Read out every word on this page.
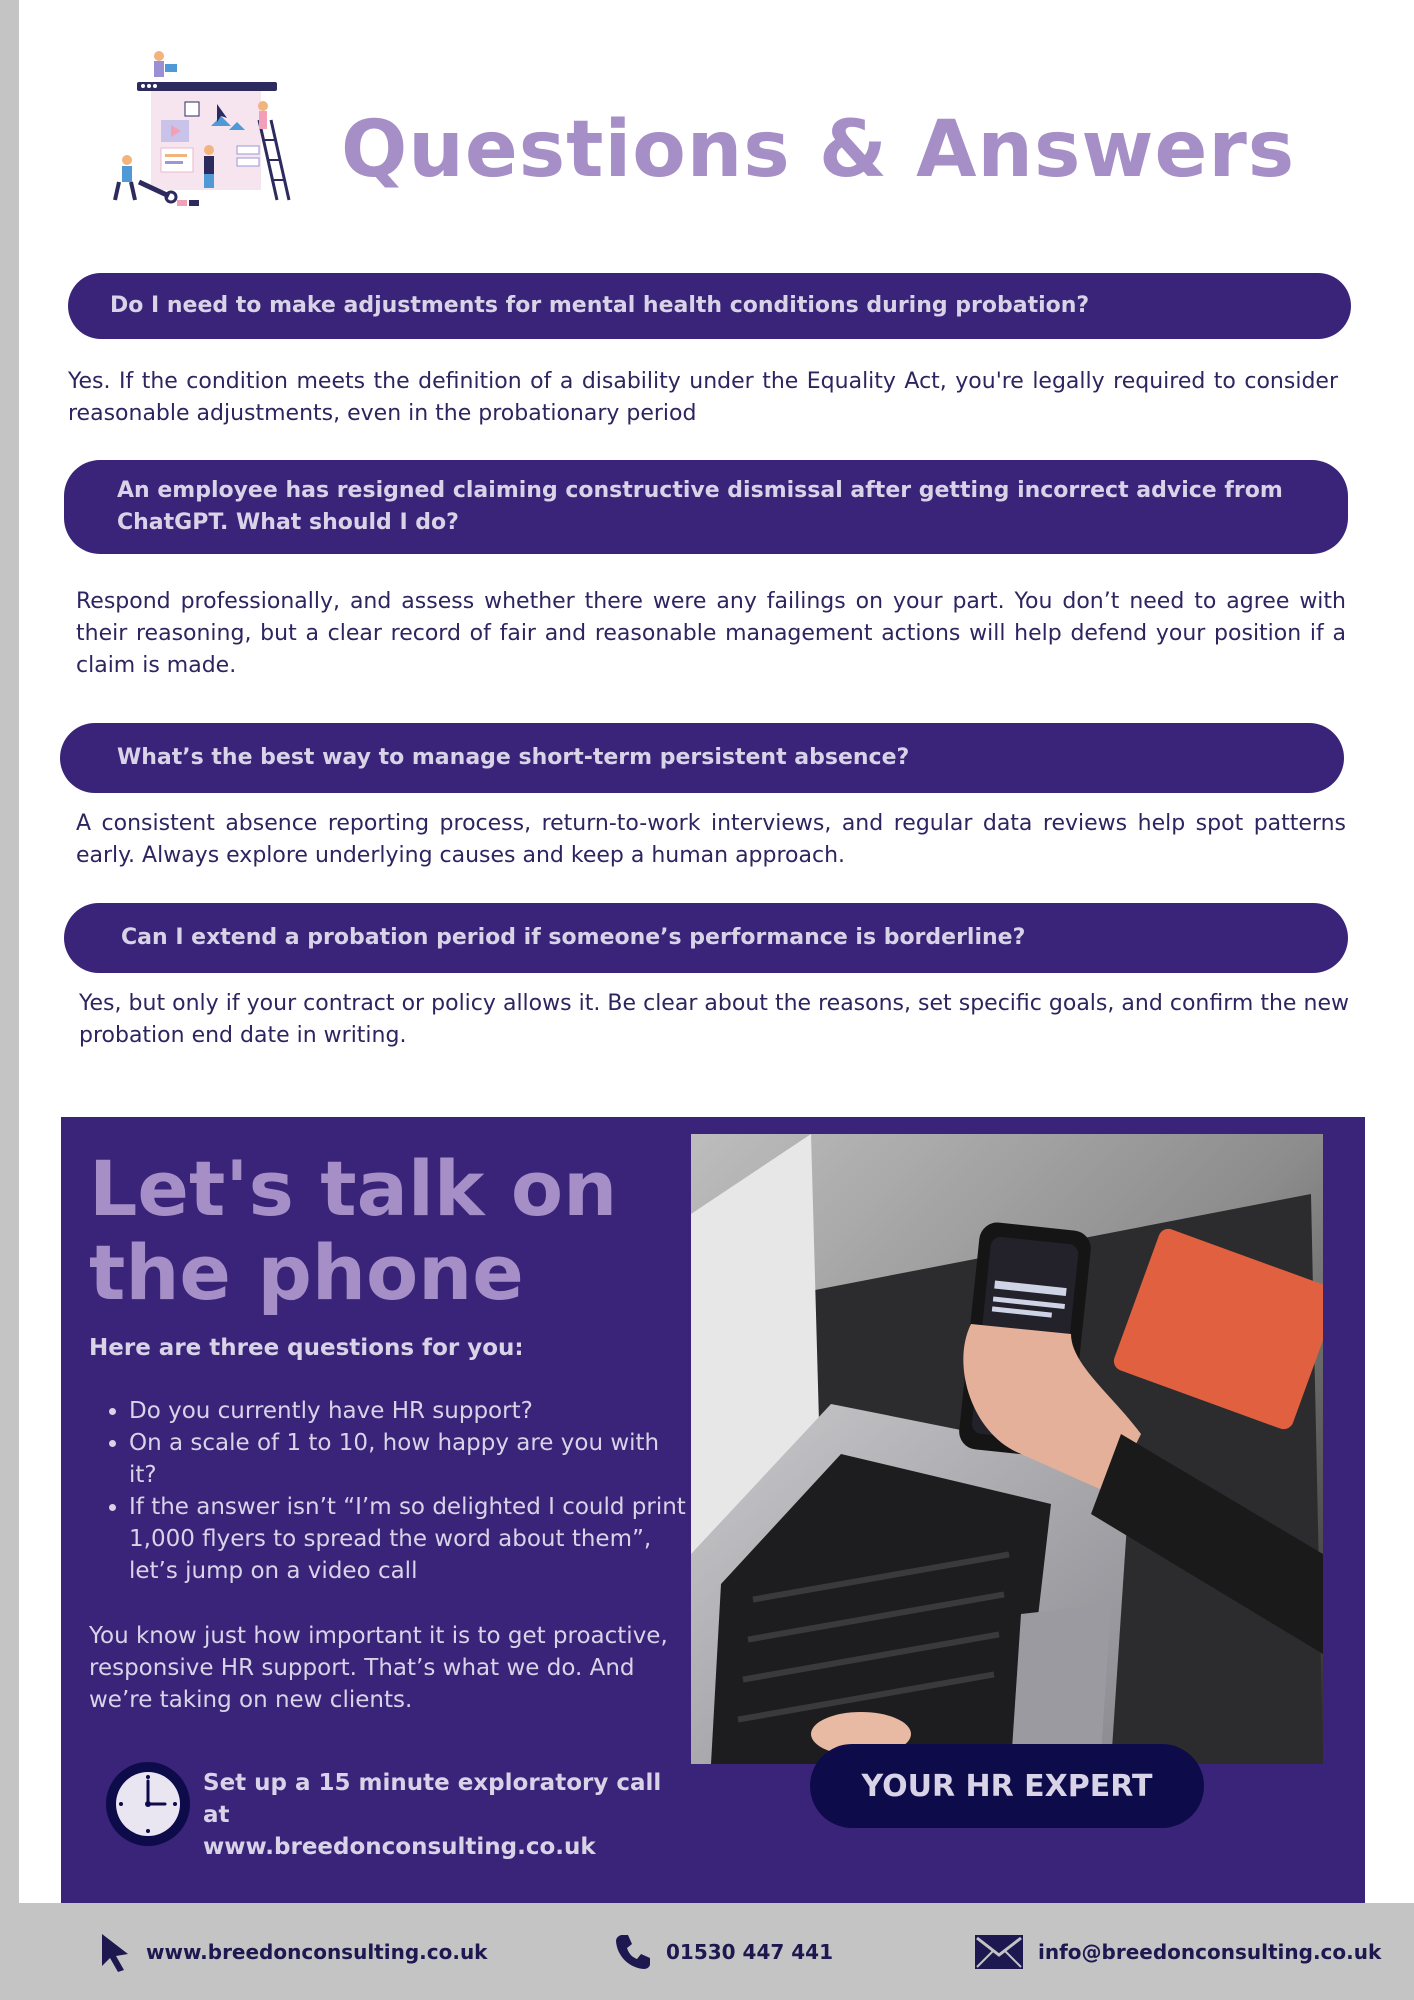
Questions & Answers
Do I need to make adjustments for mental health conditions during probation?

Yes. If the condition meets the definition of a disability under the Equality Act, you're legally required to consider reasonable adjustments, even in the probationary period

An employee has resigned claiming constructive dismissal after getting incorrect advice from ChatGPT. What should I do?

Respond professionally, and assess whether there were any failings on your part. You don’t need to agree with their reasoning, but a clear record of fair and reasonable management actions will help defend your position if a claim is made.

What’s the best way to manage short-term persistent absence?

A consistent absence reporting process, return-to-work interviews, and regular data reviews help spot patterns early. Always explore underlying causes and keep a human approach.

Can I extend a probation period if someone’s performance is borderline?

Yes, but only if your contract or policy allows it. Be clear about the reasons, set specific goals, and confirm the new probation end date in writing.

Let's talk on
the phone
Here are three questions for you:
• Do you currently have HR support?
• On a scale of 1 to 10, how happy are you with it?
• If the answer isn’t “I’m so delighted I could print 1,000 flyers to spread the word about them”, let’s jump on a video call

You know just how important it is to get proactive, responsive HR support. That’s what we do. And we’re taking on new clients.

Set up a 15 minute exploratory call at
www.breedonconsulting.co.uk
YOUR HR EXPERT
www.breedonconsulting.co.uk	01530 447 441	info@breedonconsulting.co.uk
